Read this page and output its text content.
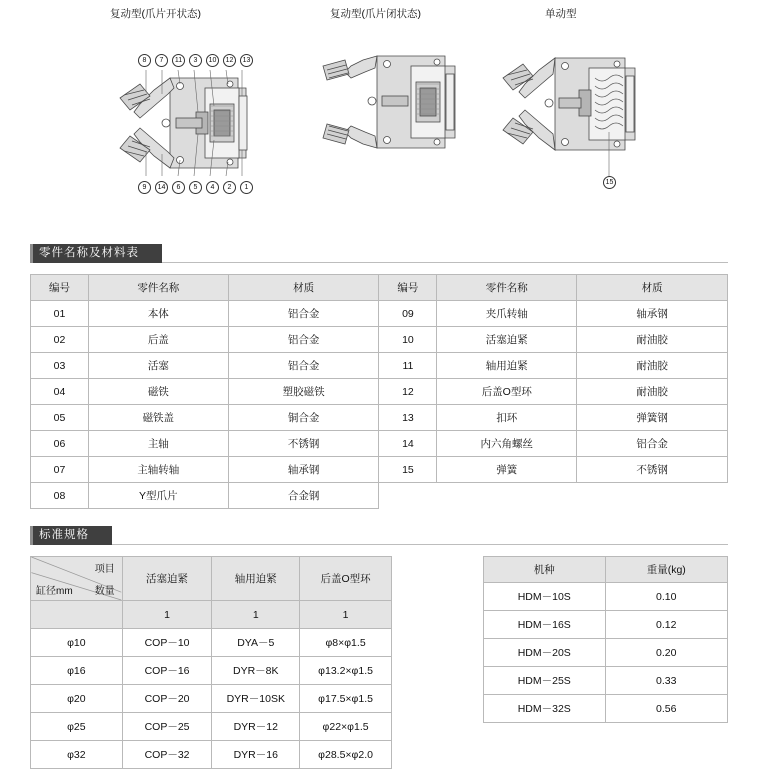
复动型(爪片开状态)	复动型(爪片闭状态)	单动型
8	7	11	3	10	12	13
9	14	6	5	4	2	1
15
零件名称及材料表
编号	零件名称	材质	编号	零件名称	材质
01	本体	铝合金	09	夹爪转轴	轴承钢
02	后盖	铝合金	10	活塞迫紧	耐油胶
03	活塞	铝合金	11	轴用迫紧	耐油胶
04	磁铁	塑胶磁铁	12	后盖O型环	耐油胶
05	磁铁盖	铜合金	13	扣环	弹簧钢
06	主轴	不锈钢	14	内六角螺丝	铝合金
07	主轴转轴	轴承钢	15	弹簧	不锈钢
08	Y型爪片	合金钢			
标准规格
项目
数量
缸径mm	活塞迫紧	轴用迫紧	后盖O型环
	1	1	1
φ10	COP－10	DYA－5	φ8×φ1.5
φ16	COP－16	DYR－8K	φ13.2×φ1.5
φ20	COP－20	DYR－10SK	φ17.5×φ1.5
φ25	COP－25	DYR－12	φ22×φ1.5
φ32	COP－32	DYR－16	φ28.5×φ2.0
机种	重量(kg)
HDM－10S	0.10
HDM－16S	0.12
HDM－20S	0.20
HDM－25S	0.33
HDM－32S	0.56
